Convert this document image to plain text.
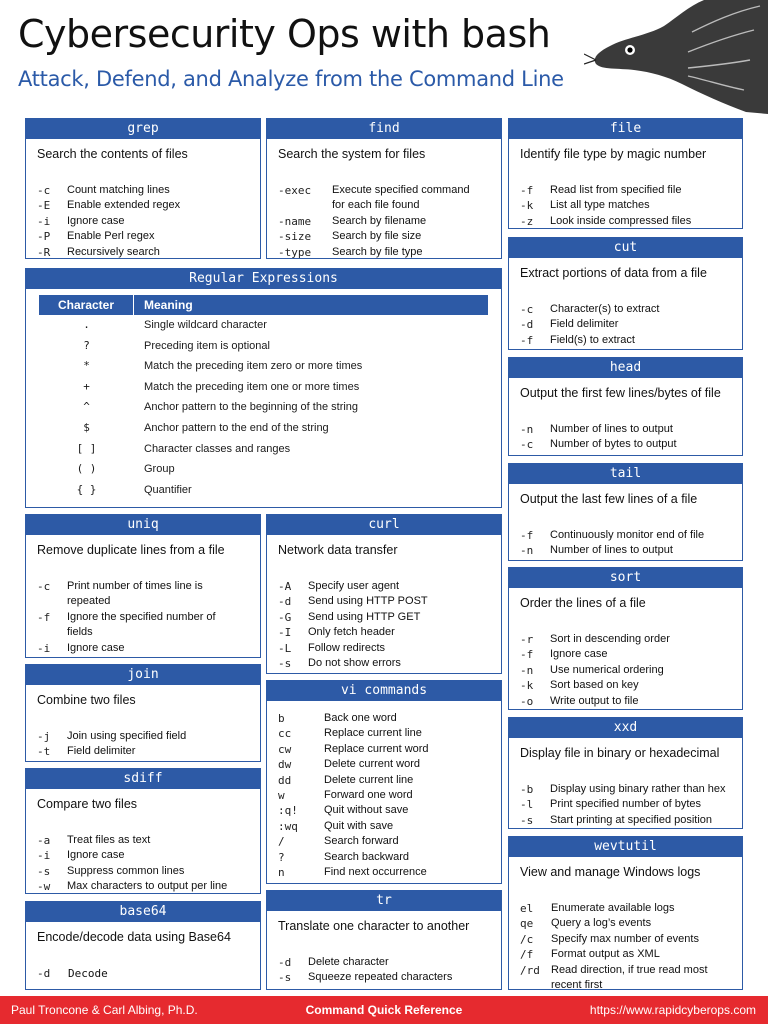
Cybersecurity Ops with bash
Attack, Defend, and Analyze from the Command Line
grep
Search the contents of files
-c	Count matching lines
-E	Enable extended regex
-i	Ignore case
-P	Enable Perl regex
-R	Recursively search
find
Search the system for files
-exec	Execute specified command
for each file found
-name	Search by filename
-size	Search by file size
-type	Search by file type
Regular Expressions
Character	Meaning
.	Single wildcard character
?	Preceding item is optional
*	Match the preceding item zero or more times
+	Match the preceding item one or more times
^	Anchor pattern to the beginning of the string
$	Anchor pattern to the end of the string
[ ]	Character classes and ranges
( )	Group
{ }	Quantifier
uniq
Remove duplicate lines from a file
-c	Print number of times line is
repeated
-f	Ignore the specified number of
fields
-i	Ignore case
join
Combine two files
-j	Join using specified field
-t	Field delimiter
sdiff
Compare two files
-a	Treat files as text
-i	Ignore case
-s	Suppress common lines
-w	Max characters to output per line
base64
Encode/decode data using Base64
-d	Decode
curl
Network data transfer
-A	Specify user agent
-d	Send using HTTP POST
-G	Send using HTTP GET
-I	Only fetch header
-L	Follow redirects
-s	Do not show errors
vi commands
b	Back one word
cc	Replace current line
cw	Replace current word
dw	Delete current word
dd	Delete current line
w	Forward one word
:q!	Quit without save
:wq	Quit with save
/	Search forward
?	Search backward
n	Find next occurrence
tr
Translate one character to another
-d	Delete character
-s	Squeeze repeated characters
file
Identify file type by magic number
-f	Read list from specified file
-k	List all type matches
-z	Look inside compressed files
cut
Extract portions of data from a file
-c	Character(s) to extract
-d	Field delimiter
-f	Field(s) to extract
head
Output the first few lines/bytes of file
-n	Number of lines to output
-c	Number of bytes to output
tail
Output the last few lines of a file
-f	Continuously monitor end of file
-n	Number of lines to output
sort
Order the lines of a file
-r	Sort in descending order
-f	Ignore case
-n	Use numerical ordering
-k	Sort based on key
-o	Write output to file
xxd
Display file in binary or hexadecimal
-b	Display using binary rather than hex
-l	Print specified number of bytes
-s	Start printing at specified position
wevtutil
View and manage Windows logs
el	Enumerate available logs
qe	Query a log’s events
/c	Specify max number of events
/f	Format output as XML
/rd	Read direction, if true read most
recent first
Paul Troncone & Carl Albing, Ph.D.	Command Quick Reference	https://www.rapidcyberops.com
